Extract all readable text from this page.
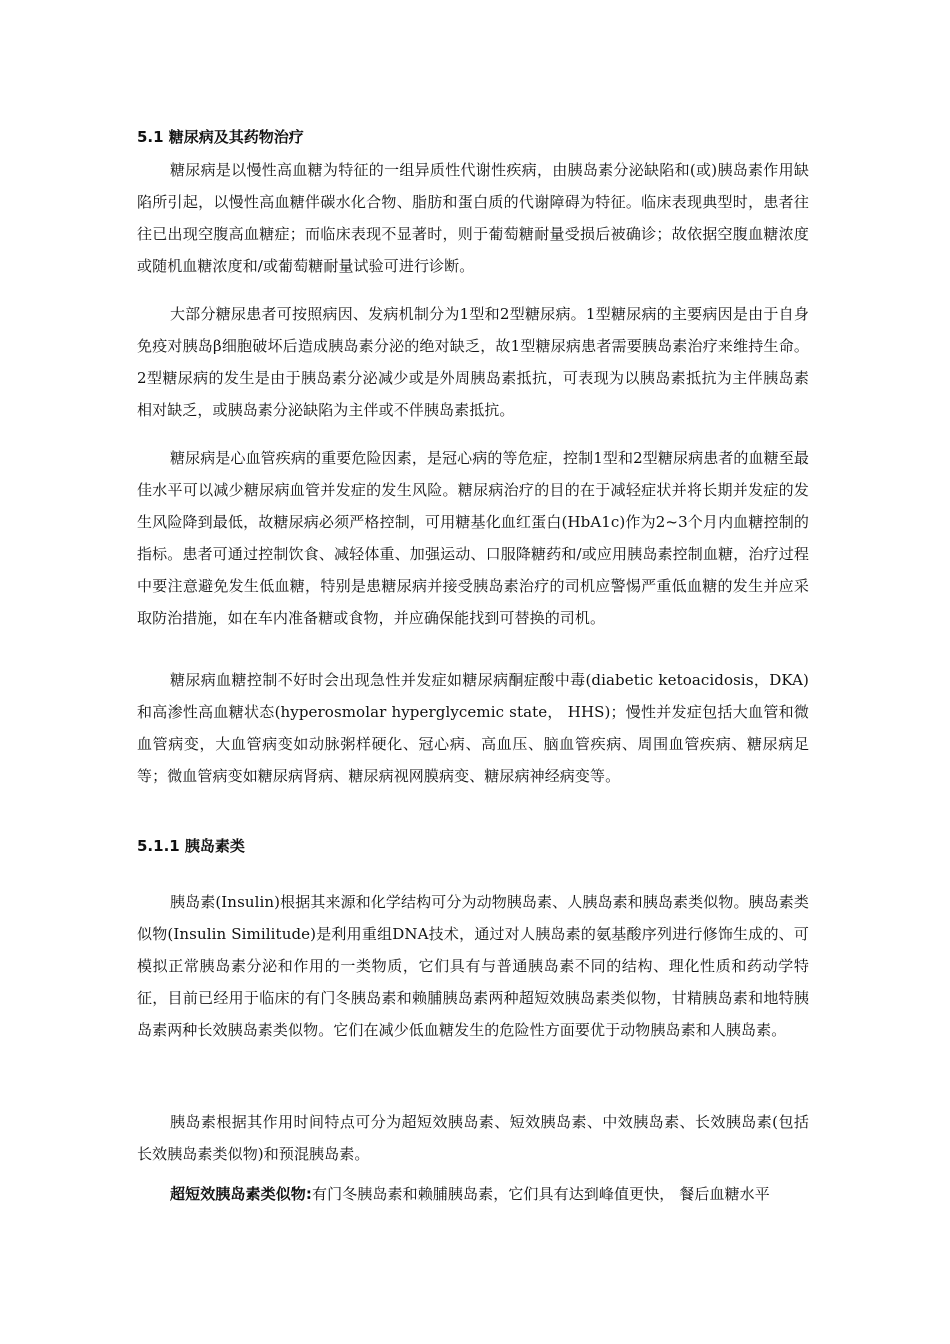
5.1 糖尿病及其药物治疗

糖尿病是以慢性高血糖为特征的一组异质性代谢性疾病，由胰岛素分泌缺陷和(或)胰岛素作用缺陷所引起，以慢性高血糖伴碳水化合物、脂肪和蛋白质的代谢障碍为特征。临床表现典型时，患者往往已出现空腹高血糖症；而临床表现不显著时，则于葡萄糖耐量受损后被确诊；故依据空腹血糖浓度或随机血糖浓度和/或葡萄糖耐量试验可进行诊断。

大部分糖尿患者可按照病因、发病机制分为1型和2型糖尿病。1型糖尿病的主要病因是由于自身免疫对胰岛β细胞破坏后造成胰岛素分泌的绝对缺乏，故1型糖尿病患者需要胰岛素治疗来维持生命。2型糖尿病的发生是由于胰岛素分泌减少或是外周胰岛素抵抗，可表现为以胰岛素抵抗为主伴胰岛素相对缺乏，或胰岛素分泌缺陷为主伴或不伴胰岛素抵抗。

糖尿病是心血管疾病的重要危险因素，是冠心病的等危症，控制1型和2型糖尿病患者的血糖至最佳水平可以减少糖尿病血管并发症的发生风险。糖尿病治疗的目的在于减轻症状并将长期并发症的发生风险降到最低，故糖尿病必须严格控制，可用糖基化血红蛋白(HbA1c)作为2~3个月内血糖控制的指标。患者可通过控制饮食、减轻体重、加强运动、口服降糖药和/或应用胰岛素控制血糖，治疗过程中要注意避免发生低血糖，特别是患糖尿病并接受胰岛素治疗的司机应警惕严重低血糖的发生并应采取防治措施，如在车内准备糖或食物，并应确保能找到可替换的司机。

糖尿病血糖控制不好时会出现急性并发症如糖尿病酮症酸中毒(diabetic ketoacidosis，DKA)和高渗性高血糖状态(hyperosmolar hyperglycemic state， HHS)；慢性并发症包括大血管和微血管病变，大血管病变如动脉粥样硬化、冠心病、高血压、脑血管疾病、周围血管疾病、糖尿病足等；微血管病变如糖尿病肾病、糖尿病视网膜病变、糖尿病神经病变等。

5.1.1 胰岛素类

胰岛素(Insulin)根据其来源和化学结构可分为动物胰岛素、人胰岛素和胰岛素类似物。胰岛素类似物(Insulin Similitude)是利用重组DNA技术，通过对人胰岛素的氨基酸序列进行修饰生成的、可模拟正常胰岛素分泌和作用的一类物质，它们具有与普通胰岛素不同的结构、理化性质和药动学特征，目前已经用于临床的有门冬胰岛素和赖脯胰岛素两种超短效胰岛素类似物，甘精胰岛素和地特胰岛素两种长效胰岛素类似物。它们在减少低血糖发生的危险性方面要优于动物胰岛素和人胰岛素。

胰岛素根据其作用时间特点可分为超短效胰岛素、短效胰岛素、中效胰岛素、长效胰岛素(包括长效胰岛素类似物)和预混胰岛素。

超短效胰岛素类似物:有门冬胰岛素和赖脯胰岛素，它们具有达到峰值更快， 餐后血糖水平
